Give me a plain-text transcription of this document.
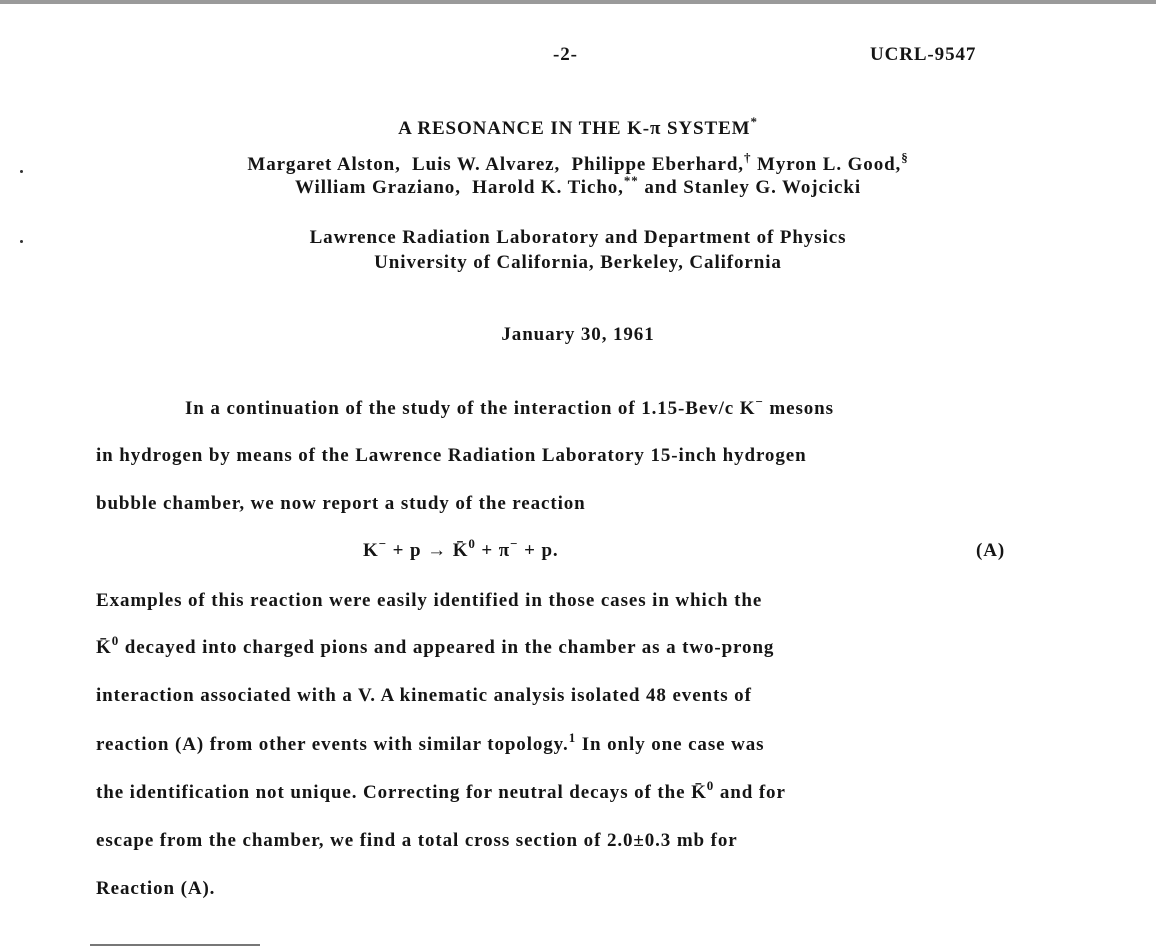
-2-	UCRL-9547
A RESONANCE IN THE K-π SYSTEM*
Margaret Alston, Luis W. Alvarez, Philippe Eberhard,† Myron L. Good,§
William Graziano, Harold K. Ticho,** and Stanley G. Wojcicki
Lawrence Radiation Laboratory and Department of Physics
University of California, Berkeley, California
January 30, 1961
In a continuation of the study of the interaction of 1.15-Bev/c K− mesons
in hydrogen by means of the Lawrence Radiation Laboratory 15-inch hydrogen
bubble chamber, we now report a study of the reaction
K− + p → K̄$^0$ + π− + p.	(A)
Examples of this reaction were easily identified in those cases in which the
K̄$^0$ decayed into charged pions and appeared in the chamber as a two-prong
interaction associated with a V. A kinematic analysis isolated 48 events of
reaction (A) from other events with similar topology.$^1$ In only one case was
the identification not unique. Correcting for neutral decays of the K̄$^0$ and for
escape from the chamber, we find a total cross section of 2.0±0.3 mb for
Reaction (A).
